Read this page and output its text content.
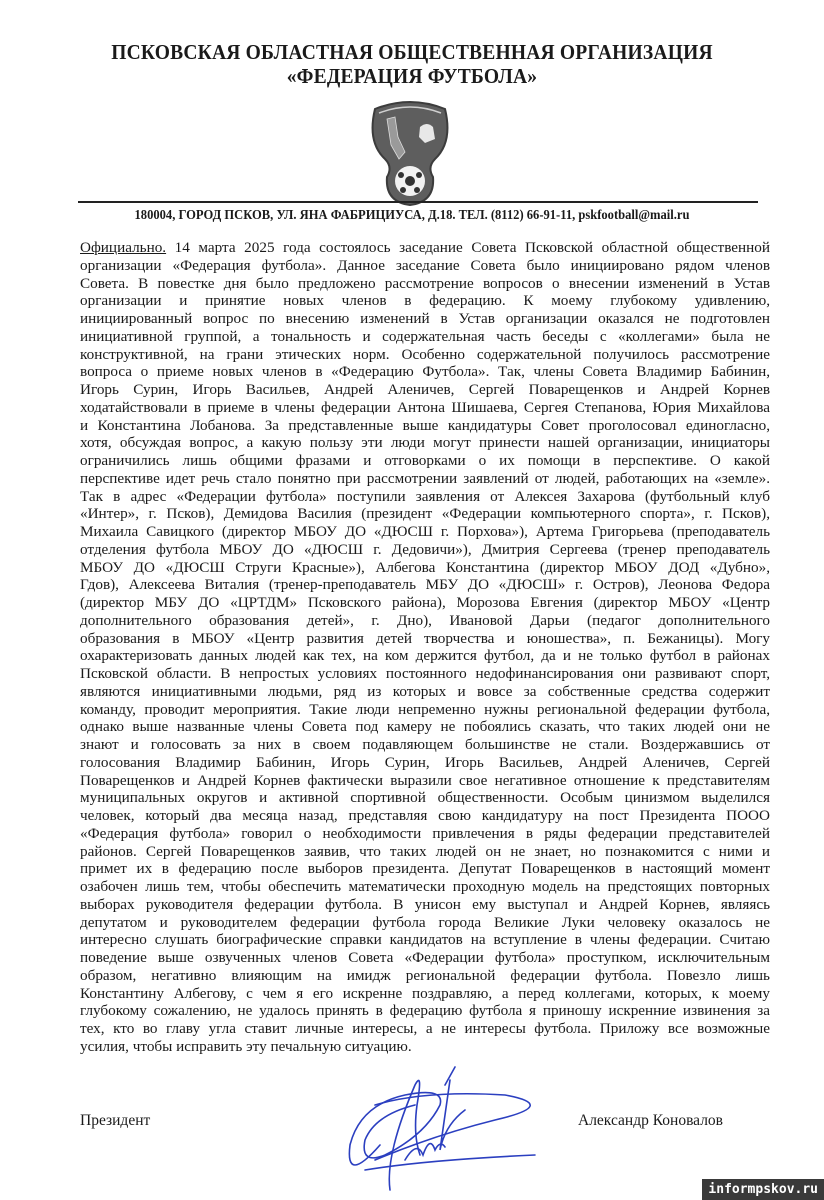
ПСКОВСКАЯ ОБЛАСТНАЯ ОБЩЕСТВЕННАЯ ОРГАНИЗАЦИЯ
«ФЕДЕРАЦИЯ ФУТБОЛА»
180004, ГОРОД ПСКОВ, УЛ. ЯНА ФАБРИЦИУСА, Д.18. ТЕЛ. (8112) 66-91-11, pskfootball@mail.ru
Официально. 14 марта 2025 года состоялось заседание Совета Псковской областной общественной
организации «Федерация футбола». Данное заседание Совета было инициировано рядом членов
Совета. В повестке дня было предложено рассмотрение вопросов о внесении изменений в Устав
организации и принятие новых членов в федерацию. К моему глубокому удивлению,
инициированный вопрос по внесению изменений в Устав организации оказался не подготовлен
инициативной группой, а тональность и содержательная часть беседы с «коллегами» была не
конструктивной, на грани этических норм. Особенно содержательной получилось рассмотрение
вопроса о приеме новых членов в «Федерацию Футбола». Так, члены Совета Владимир Бабинин,
Игорь Сурин, Игорь Васильев, Андрей Аленичев, Сергей Поварещенков и Андрей Корнев
ходатайствовали в приеме в члены федерации Антона Шишаева, Сергея Степанова, Юрия Михайлова
и Константина Лобанова. За представленные выше кандидатуры Совет проголосовал единогласно,
хотя, обсуждая вопрос, а какую пользу эти люди могут принести нашей организации, инициаторы
ограничились лишь общими фразами и отговорками о их помощи в перспективе. О какой
перспективе идет речь стало понятно при рассмотрении заявлений от людей, работающих на «земле».
Так в адрес «Федерации футбола» поступили заявления от Алексея Захарова (футбольный клуб
«Интер», г. Псков), Демидова Василия (президент «Федерации компьютерного спорта», г. Псков),
Михаила Савицкого (директор МБОУ ДО «ДЮСШ г. Порхова»), Артема Григорьева (преподаватель
отделения футбола МБОУ ДО «ДЮСШ г. Дедовичи»), Дмитрия Сергеева (тренер преподаватель
МБОУ ДО «ДЮСШ Струги Красные»), Албегова Константина (директор МБОУ ДОД «Дубно»,
Гдов), Алексеева Виталия (тренер-преподаватель МБУ ДО «ДЮСШ» г. Остров), Леонова Федора
(директор МБУ ДО «ЦРТДМ» Псковского района), Морозова Евгения (директор МБОУ «Центр
дополнительного образования детей», г. Дно), Ивановой Дарьи (педагог дополнительного
образования в МБОУ «Центр развития детей творчества и юношества», п. Бежаницы). Могу
охарактеризовать данных людей как тех, на ком держится футбол, да и не только футбол в районах
Псковской области. В непростых условиях постоянного недофинансирования они развивают спорт,
являются инициативными людьми, ряд из которых и вовсе за собственные средства содержит
команду, проводит мероприятия. Такие люди непременно нужны региональной федерации футбола,
однако выше названные члены Совета под камеру не побоялись сказать, что таких людей они не
знают и голосовать за них в своем подавляющем большинстве не стали. Воздержавшись от
голосования Владимир Бабинин, Игорь Сурин, Игорь Васильев, Андрей Аленичев, Сергей
Поварещенков и Андрей Корнев фактически выразили свое негативное отношение к представителям
муниципальных округов и активной спортивной общественности. Особым цинизмом выделился
человек, который два месяца назад, представляя свою кандидатуру на пост Президента ПООО
«Федерация футбола» говорил о необходимости привлечения в ряды федерации представителей
районов. Сергей Поварещенков заявив, что таких людей он не знает, но познакомится с ними и
примет их в федерацию после выборов президента. Депутат Поварещенков в настоящий момент
озабочен лишь тем, чтобы обеспечить математически проходную модель на предстоящих повторных
выборах руководителя федерации футбола. В унисон ему выступал и Андрей Корнев, являясь
депутатом и руководителем федерации футбола города Великие Луки человеку оказалось не
интересно слушать биографические справки кандидатов на вступление в члены федерации. Считаю
поведение выше озвученных членов Совета «Федерации футбола» проступком, исключительным
образом, негативно влияющим на имидж региональной федерации футбола. Повезло лишь
Константину Албегову, с чем я его искренне поздравляю, а перед коллегами, которых, к моему
глубокому сожалению, не удалось принять в федерацию футбола я приношу искренние извинения за
тех, кто во главу угла ставит личные интересы, а не интересы футбола. Приложу все возможные
усилия, чтобы исправить эту печальную ситуацию.
Президент	Александр Коновалов
informpskov.ru
